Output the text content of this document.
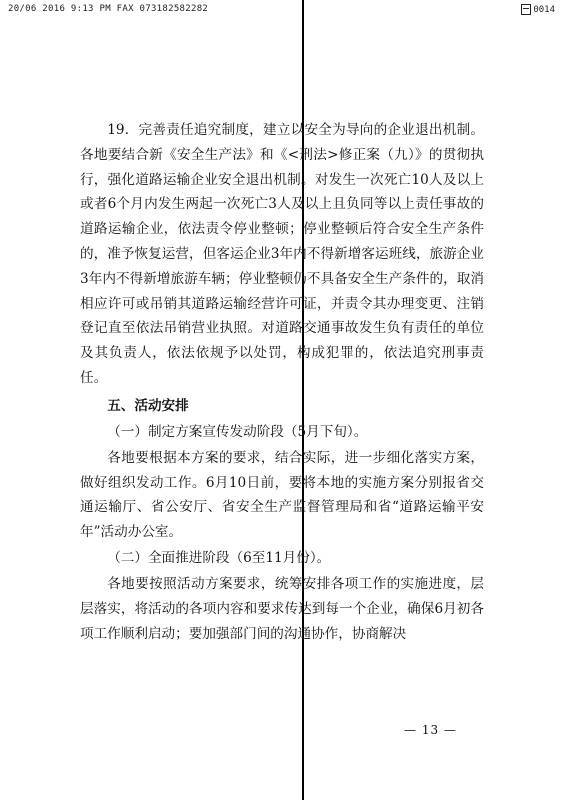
20/06 2016 9:13 PM FAX 073182582282	0014

19．完善责任追究制度，建立以安全为导向的企业退出机制。各地要结合新《安全生产法》和《<刑法>修正案（九）》的贯彻执行，强化道路运输企业安全退出机制。对发生一次死亡10人及以上或者6个月内发生两起一次死亡3人及以上且负同等以上责任事故的道路运输企业，依法责令停业整顿；停业整顿后符合安全生产条件的，准予恢复运营，但客运企业3年内不得新增客运班线，旅游企业3年内不得新增旅游车辆；停业整顿仍不具备安全生产条件的，取消相应许可或吊销其道路运输经营许可证，并责令其办理变更、注销登记直至依法吊销营业执照。对道路交通事故发生负有责任的单位及其负责人，依法依规予以处罚，构成犯罪的，依法追究刑事责任。

五、活动安排

（一）制定方案宣传发动阶段（5月下旬）。

各地要根据本方案的要求，结合实际，进一步细化落实方案，做好组织发动工作。6月10日前，要将本地的实施方案分别报省交通运输厅、省公安厅、省安全生产监督管理局和省“道路运输平安年”活动办公室。

（二）全面推进阶段（6至11月份）。

各地要按照活动方案要求，统筹安排各项工作的实施进度，层层落实，将活动的各项内容和要求传达到每一个企业，确保6月初各项工作顺利启动；要加强部门间的沟通协作，协商解决

— 13 —
